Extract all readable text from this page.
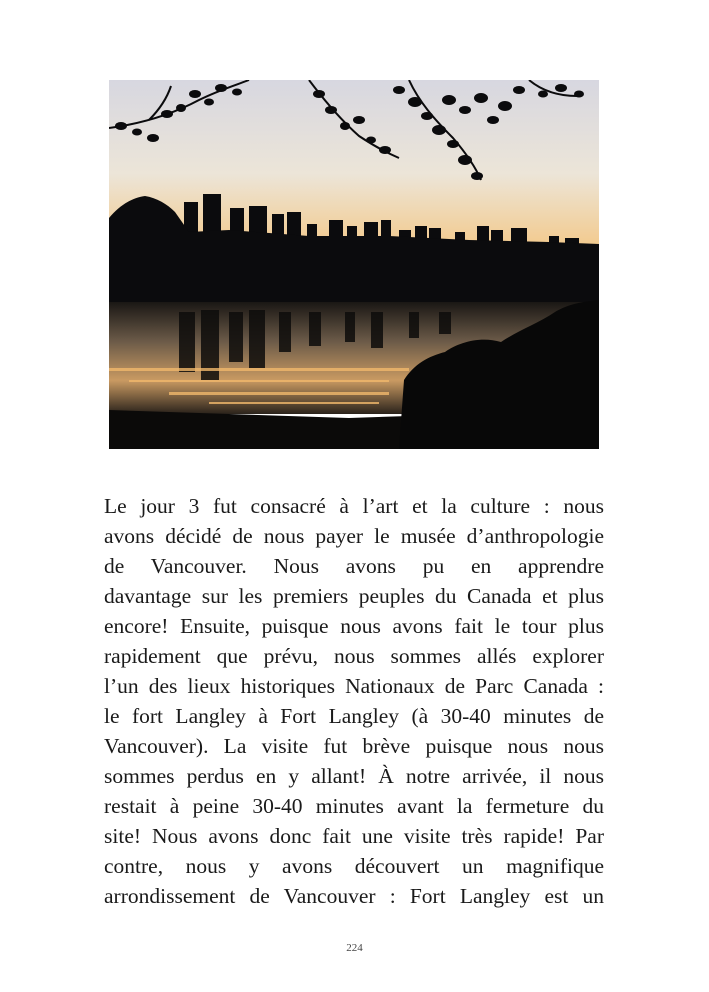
Le jour 3 fut consacré à l’art et la culture : nous
avons décidé de nous payer le musée d’anthropologie
de Vancouver. Nous avons pu en apprendre
davantage sur les premiers peuples du Canada et plus
encore! Ensuite, puisque nous avons fait le tour plus
rapidement que prévu, nous sommes allés explorer
l’un des lieux historiques Nationaux de Parc Canada :
le fort Langley à Fort Langley (à 30-40 minutes de
Vancouver). La visite fut brève puisque nous nous
sommes perdus en y allant! À notre arrivée, il nous
restait à peine 30-40 minutes avant la fermeture du
site! Nous avons donc fait une visite très rapide! Par
contre, nous y avons découvert un magnifique
arrondissement de Vancouver : Fort Langley est un
224
